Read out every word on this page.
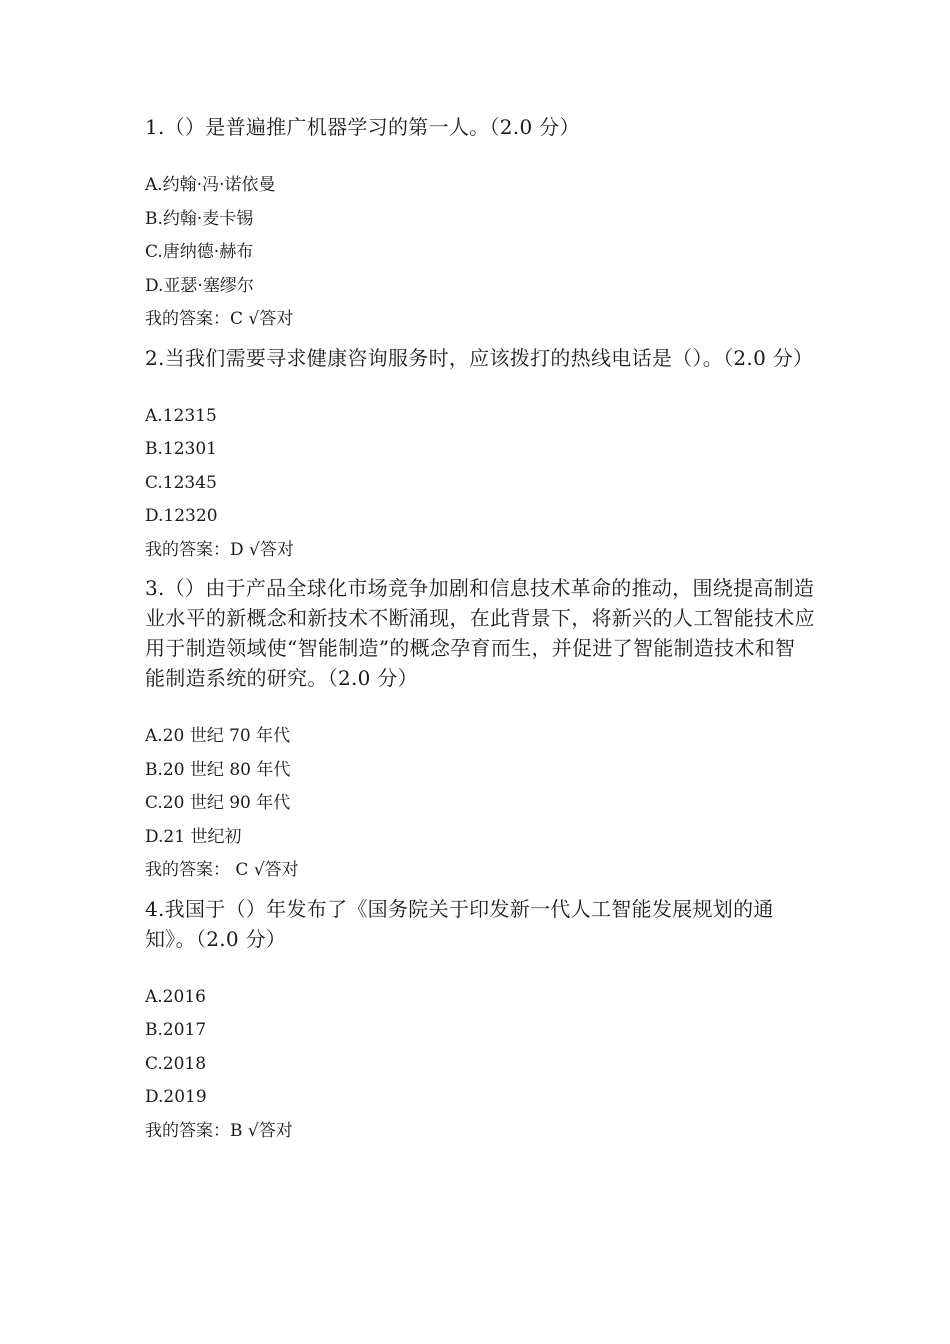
1.（）是普遍推广机器学习的第一人。（2.0 分）

A.约翰·冯·诺依曼
B.约翰·麦卡锡
C.唐纳德·赫布
D.亚瑟·塞缪尔
我的答案：C √答对

2.当我们需要寻求健康咨询服务时，应该拨打的热线电话是（）。（2.0 分）

A.12315
B.12301
C.12345
D.12320
我的答案：D √答对

3.（）由于产品全球化市场竞争加剧和信息技术革命的推动，围绕提高制造业水平的新概念和新技术不断涌现，在此背景下，将新兴的人工智能技术应用于制造领域使“智能制造”的概念孕育而生，并促进了智能制造技术和智能制造系统的研究。（2.0 分）

A.20 世纪 70 年代
B.20 世纪 80 年代
C.20 世纪 90 年代
D.21 世纪初
我的答案： C √答对

4.我国于（）年发布了《国务院关于印发新一代人工智能发展规划的通知》。（2.0 分）

A.2016
B.2017
C.2018
D.2019
我的答案：B √答对
